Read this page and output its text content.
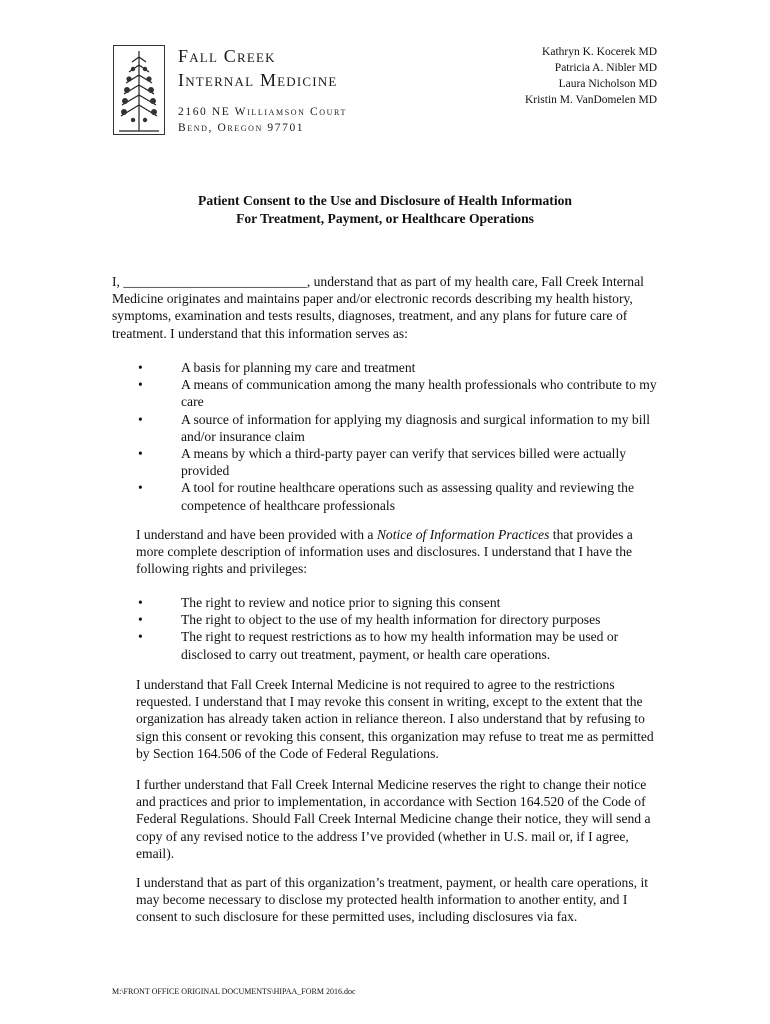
Fall Creek
Internal Medicine
2160 NE Williamson Court
Bend, Oregon 97701
Kathryn K. Kocerek MD
Patricia A. Nibler MD
Laura Nicholson MD
Kristin M. VanDomelen MD
Patient Consent to the Use and Disclosure of Health Information
For Treatment, Payment, or Healthcare Operations
I, ___________________________, understand that as part of my health care, Fall Creek Internal Medicine originates and maintains paper and/or electronic records describing my health history, symptoms, examination and tests results, diagnoses, treatment, and any plans for future care of treatment. I understand that this information serves as:
•	A basis for planning my care and treatment
•	A means of communication among the many health professionals who contribute to my care
•	A source of information for applying my diagnosis and surgical information to my bill and/or insurance claim
•	A means by which a third-party payer can verify that services billed were actually provided
•	A tool for routine healthcare operations such as assessing quality and reviewing the competence of healthcare professionals
I understand and have been provided with a Notice of Information Practices that provides a more complete description of information uses and disclosures. I understand that I have the following rights and privileges:
•	The right to review and notice prior to signing this consent
•	The right to object to the use of my health information for directory purposes
•	The right to request restrictions as to how my health information may be used or disclosed to carry out treatment, payment, or health care operations.
I understand that Fall Creek Internal Medicine is not required to agree to the restrictions requested. I understand that I may revoke this consent in writing, except to the extent that the organization has already taken action in reliance thereon. I also understand that by refusing to sign this consent or revoking this consent, this organization may refuse to treat me as permitted by Section 164.506 of the Code of Federal Regulations.
I further understand that Fall Creek Internal Medicine reserves the right to change their notice and practices and prior to implementation, in accordance with Section 164.520 of the Code of Federal Regulations. Should Fall Creek Internal Medicine change their notice, they will send a copy of any revised notice to the address I’ve provided (whether in U.S. mail or, if I agree, email).
I understand that as part of this organization’s treatment, payment, or health care operations, it may become necessary to disclose my protected health information to another entity, and I consent to such disclosure for these permitted uses, including disclosures via fax.
M:\FRONT OFFICE ORIGINAL DOCUMENTS\HIPAA_FORM 2016.doc
